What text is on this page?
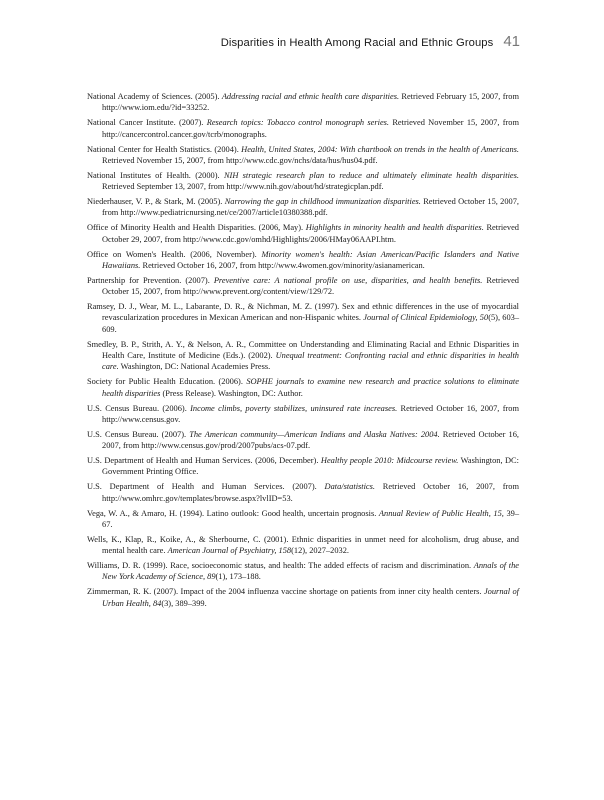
Disparities in Health Among Racial and Ethnic Groups 41
National Academy of Sciences. (2005). Addressing racial and ethnic health care disparities. Retrieved February 15, 2007, from http://www.iom.edu/?id=33252.
National Cancer Institute. (2007). Research topics: Tobacco control monograph series. Retrieved November 15, 2007, from http://cancercontrol.cancer.gov/tcrb/monographs.
National Center for Health Statistics. (2004). Health, United States, 2004: With chartbook on trends in the health of Americans. Retrieved November 15, 2007, from http://www.cdc.gov/nchs/data/hus/hus04.pdf.
National Institutes of Health. (2000). NIH strategic research plan to reduce and ultimately eliminate health disparities. Retrieved September 13, 2007, from http://www.nih.gov/about/hd/strategicplan.pdf.
Niederhauser, V. P., & Stark, M. (2005). Narrowing the gap in childhood immunization disparities. Retrieved October 15, 2007, from http://www.pediatricnursing.net/ce/2007/article10380388.pdf.
Office of Minority Health and Health Disparities. (2006, May). Highlights in minority health and health disparities. Retrieved October 29, 2007, from http://www.cdc.gov/omhd/Highlights/2006/HMay06AAPI.htm.
Office on Women's Health. (2006, November). Minority women's health: Asian American/Pacific Islanders and Native Hawaiians. Retrieved October 16, 2007, from http://www.4women.gov/minority/asianamerican.
Partnership for Prevention. (2007). Preventive care: A national profile on use, disparities, and health benefits. Retrieved October 15, 2007, from http://www.prevent.org/content/view/129/72.
Ramsey, D. J., Wear, M. L., Labarante, D. R., & Nichman, M. Z. (1997). Sex and ethnic differences in the use of myocardial revascularization procedures in Mexican American and non-Hispanic whites. Journal of Clinical Epidemiology, 50(5), 603–609.
Smedley, B. P., Strith, A. Y., & Nelson, A. R., Committee on Understanding and Eliminating Racial and Ethnic Disparities in Health Care, Institute of Medicine (Eds.). (2002). Unequal treatment: Confronting racial and ethnic disparities in health care. Washington, DC: National Academies Press.
Society for Public Health Education. (2006). SOPHE journals to examine new research and practice solutions to eliminate health disparities (Press Release). Washington, DC: Author.
U.S. Census Bureau. (2006). Income climbs, poverty stabilizes, uninsured rate increases. Retrieved October 16, 2007, from http://www.census.gov.
U.S. Census Bureau. (2007). The American community—American Indians and Alaska Natives: 2004. Retrieved October 16, 2007, from http://www.census.gov/prod/2007pubs/acs-07.pdf.
U.S. Department of Health and Human Services. (2006, December). Healthy people 2010: Midcourse review. Washington, DC: Government Printing Office.
U.S. Department of Health and Human Services. (2007). Data/statistics. Retrieved October 16, 2007, from http://www.omhrc.gov/templates/browse.aspx?lvlID=53.
Vega, W. A., & Amaro, H. (1994). Latino outlook: Good health, uncertain prognosis. Annual Review of Public Health, 15, 39–67.
Wells, K., Klap, R., Koike, A., & Sherbourne, C. (2001). Ethnic disparities in unmet need for alcoholism, drug abuse, and mental health care. American Journal of Psychiatry, 158(12), 2027–2032.
Williams, D. R. (1999). Race, socioeconomic status, and health: The added effects of racism and discrimination. Annals of the New York Academy of Science, 89(1), 173–188.
Zimmerman, R. K. (2007). Impact of the 2004 influenza vaccine shortage on patients from inner city health centers. Journal of Urban Health, 84(3), 389–399.
